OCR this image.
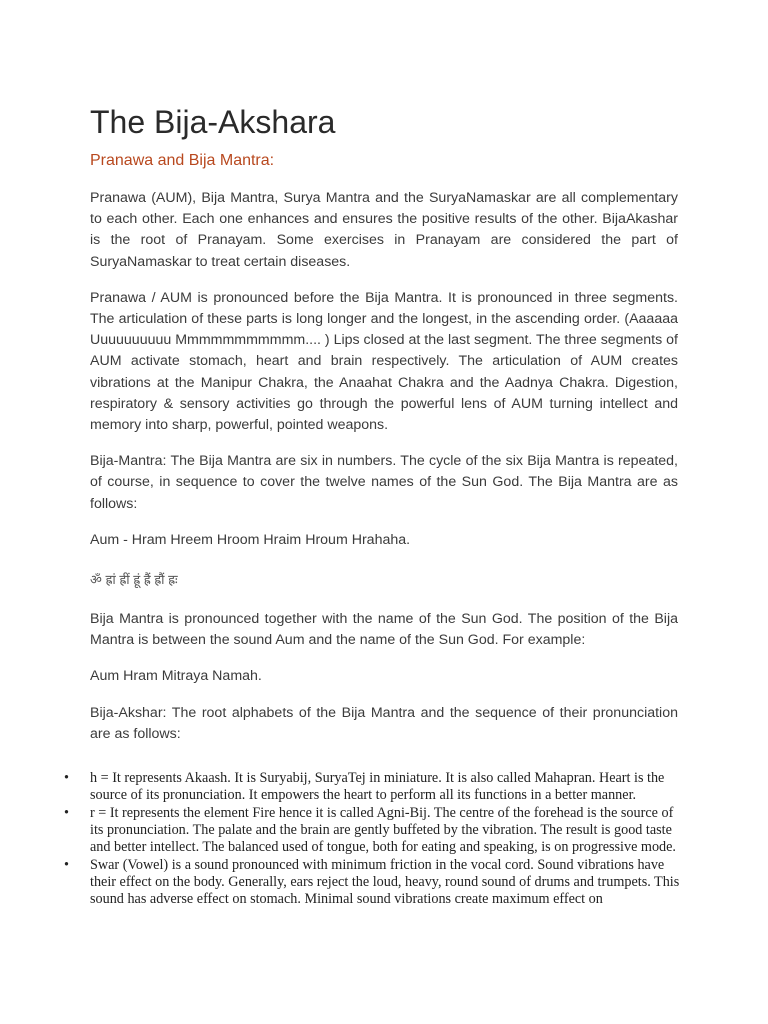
The Bija-Akshara
Pranawa and Bija Mantra:

Pranawa (AUM), Bija Mantra, Surya Mantra and the SuryaNamaskar are all complementary to each other. Each one enhances and ensures the positive results of the other. BijaAkashar is the root of Pranayam. Some exercises in Pranayam are considered the part of SuryaNamaskar to treat certain diseases.

Pranawa / AUM is pronounced before the Bija Mantra. It is pronounced in three segments. The articulation of these parts is long longer and the longest, in the ascending order. (Aaaaaa Uuuuuuuuuu Mmmmmmmmmmm.... ) Lips closed at the last segment. The three segments of AUM activate stomach, heart and brain respectively. The articulation of AUM creates vibrations at the Manipur Chakra, the Anaahat Chakra and the Aadnya Chakra. Digestion, respiratory & sensory activities go through the powerful lens of AUM turning intellect and memory into sharp, powerful, pointed weapons.

Bija-Mantra: The Bija Mantra are six in numbers. The cycle of the six Bija Mantra is repeated, of course, in sequence to cover the twelve names of the Sun God. The Bija Mantra are as follows:

Aum - Hram Hreem Hroom Hraim Hroum Hrahaha.

ॐ ह्रां ह्रीं ह्रूं ह्रैं ह्रौं ह्रः

Bija Mantra is pronounced together with the name of the Sun God. The position of the Bija Mantra is between the sound Aum and the name of the Sun God. For example:

Aum Hram Mitraya Namah.

Bija-Akshar: The root alphabets of the Bija Mantra and the sequence of their pronunciation are as follows:

•	h = It represents Akaash. It is Suryabij, SuryaTej in miniature. It is also called Mahapran. Heart is the source of its pronunciation. It empowers the heart to perform all its functions in a better manner.
•	r = It represents the element Fire hence it is called Agni-Bij. The centre of the forehead is the source of its pronunciation. The palate and the brain are gently buffeted by the vibration. The result is good taste and better intellect. The balanced used of tongue, both for eating and speaking, is on progressive mode.
•	Swar (Vowel) is a sound pronounced with minimum friction in the vocal cord. Sound vibrations have their effect on the body. Generally, ears reject the loud, heavy, round sound of drums and trumpets. This sound has adverse effect on stomach. Minimal sound vibrations create maximum effect on
